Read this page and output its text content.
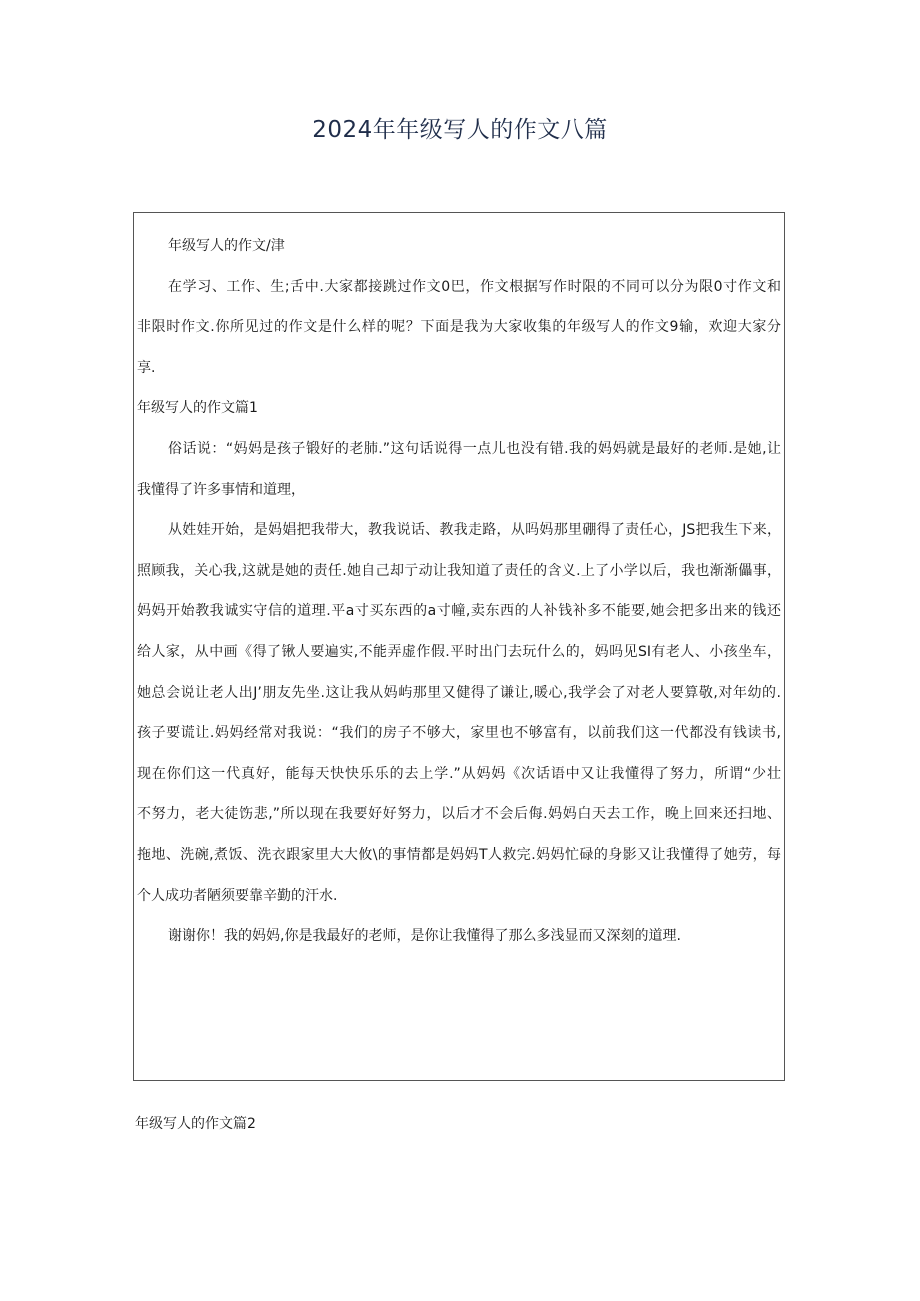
2024年年级写人的作文八篇
年级写人的作文/津
在学习、工作、生;舌中.大家都接跳过作文0巴，作文根据写作时限的不同可以分为限0寸作文和
非限时作文.你所见过的作文是什么样的呢？下面是我为大家收集的年级写人的作文9输，欢迎大家分
享.
年级写人的作文篇1
俗话说：“妈妈是孩子锻好的老肺.”这句话说得一点儿也没有错.我的妈妈就是最好的老师.是她,让
我懂得了许多事情和道理，
从姓娃开始，是妈娼把我带大，教我说话、教我走路，从吗妈那里硼得了责任心，JS把我生下来，
照顾我，关心我,这就是她的责任.她自己却亍动让我知道了责任的含义.上了小学以后，我也渐渐儡事，
妈妈开始教我诚实守信的道理.平a寸买东西的a寸幢,卖东西的人补钱补多不能要,她会把多出来的钱还
给人家，从中画《得了锹人要遍实,不能弄虚作假.平时出门去玩什么的，妈吗见SI有老人、小孩坐车，
她总会说让老人出J’朋友先坐.这让我从妈屿那里又健得了谦让,暖心,我学会了对老人要算敬,对年幼的.
孩子要谎让.妈妈经常对我说：“我们的房子不够大，家里也不够富有，以前我们这一代都没有钱读书,
现在你们这一代真好，能每天快快乐乐的去上学.”从妈妈《次话语中又让我懂得了努力，所谓“少壮
不努力，老大徒饬悲,”所以现在我要好好努力，以后才不会后侮.妈妈白天去工作，晚上回来还扫地、
拖地、洗碗,煮饭、洗衣跟家里大大攸\的事情都是妈妈T人救完.妈妈忙碌的身影又让我懂得了她劳，每
个人成功者陋须要靠辛勤的汗水.
谢谢你！我的妈妈,你是我最好的老师，是你让我懂得了那么多浅显而又深刻的道理.
年级写人的作文篇2
